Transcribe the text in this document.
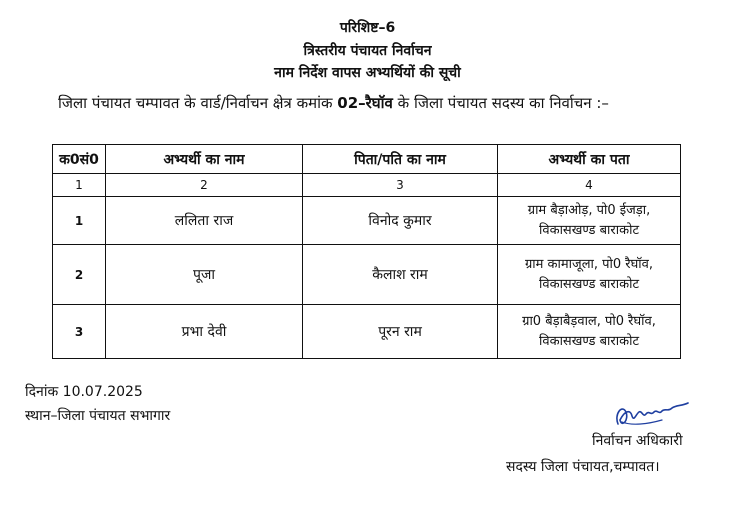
परिशिष्ट–6
त्रिस्तरीय पंचायत निर्वाचन
नाम निर्देश वापस अभ्यर्थियों की सूची
जिला पंचायत चम्पावत के वार्ड/निर्वाचन क्षेत्र कमांक 02–रैघॉव के जिला पंचायत सदस्य का निर्वाचन :–
क0सं0	अभ्यर्थी का नाम	पिता/पति का नाम	अभ्यर्थी का पता
1	2	3	4
1	ललिता राज	विनोद कुमार	ग्राम बैड़ाओड़, पो0 ईजड़ा,
विकासखण्ड बाराकोट

2	पूजा	कैलाश राम	ग्राम कामाजूला, पो0 रैघॉव,
विकासखण्ड बाराकोट

3	प्रभा देवी	पूरन राम	ग्रा0 बैड़ाबैड़वाल, पो0 रैघॉव,
विकासखण्ड बाराकोट
दिनांक 10.07.2025
स्थान–जिला पंचायत सभागार
निर्वाचन अधिकारी
सदस्य जिला पंचायत,चम्पावत।
